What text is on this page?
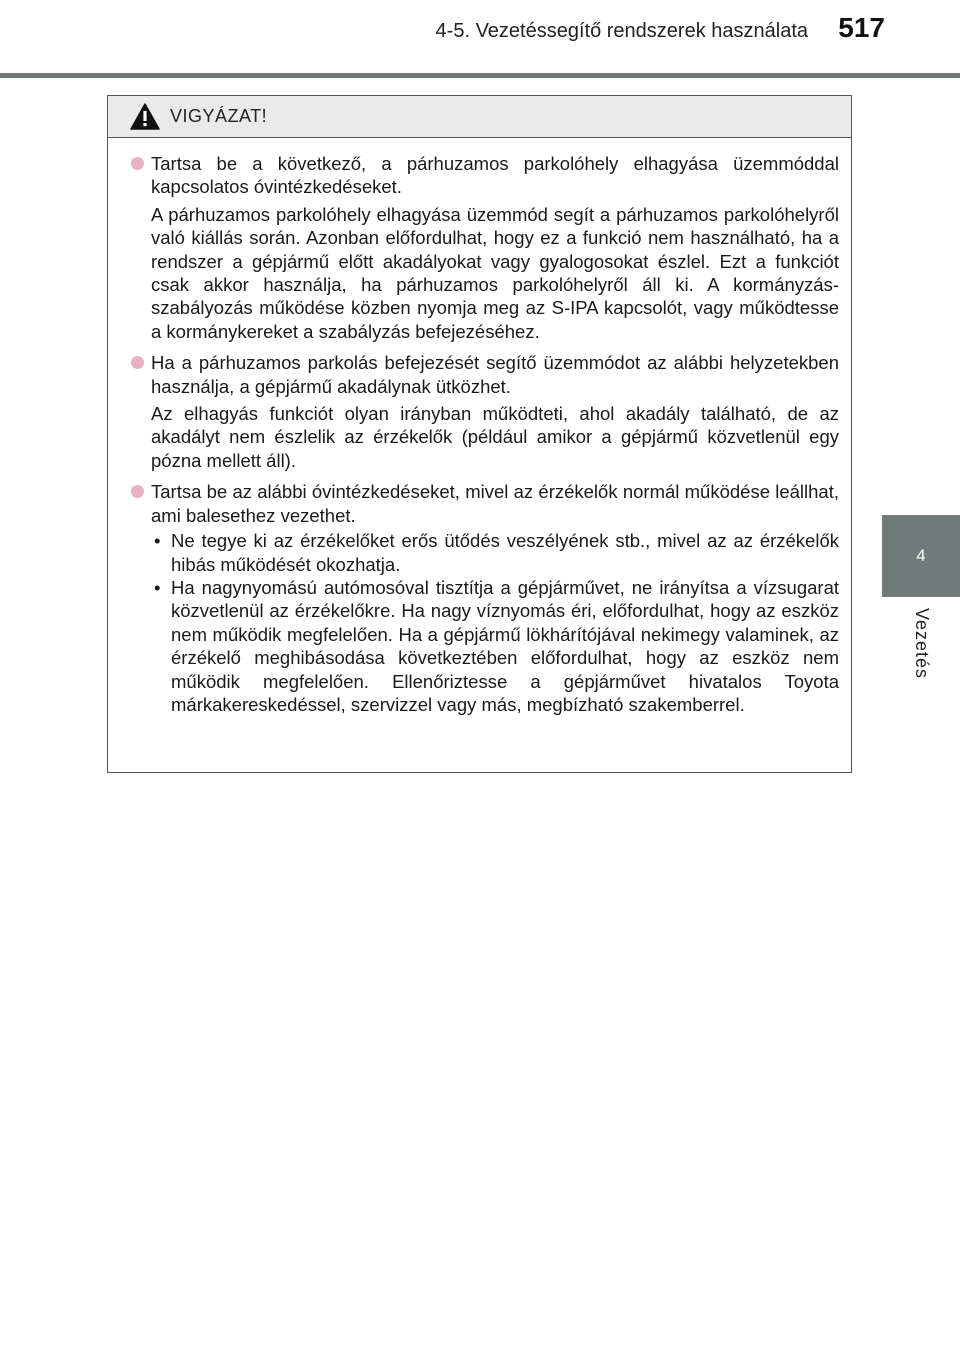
4-5. Vezetéssegítő rendszerek használata 517
4
Vezetés
VIGYÁZAT!
Tartsa be a következő, a párhuzamos parkolóhely elhagyása üzemmóddal kapcsolatos óvintézkedéseket.
A párhuzamos parkolóhely elhagyása üzemmód segít a párhuzamos parkolóhelyről való kiállás során. Azonban előfordulhat, hogy ez a funkció nem használható, ha a rendszer a gépjármű előtt akadályokat vagy gyalogosokat észlel. Ezt a funkciót csak akkor használja, ha párhuzamos parkolóhelyről áll ki. A kormányzás-szabályozás működése közben nyomja meg az S-IPA kapcsolót, vagy működtesse a kormánykereket a szabályzás befejezéséhez.
Ha a párhuzamos parkolás befejezését segítő üzemmódot az alábbi helyzetekben használja, a gépjármű akadálynak ütközhet.
Az elhagyás funkciót olyan irányban működteti, ahol akadály található, de az akadályt nem észlelik az érzékelők (például amikor a gépjármű közvetlenül egy pózna mellett áll).
Tartsa be az alábbi óvintézkedéseket, mivel az érzékelők normál működése leállhat, ami balesethez vezethet.
• Ne tegye ki az érzékelőket erős ütődés veszélyének stb., mivel az az érzékelők hibás működését okozhatja.
• Ha nagynyomású autómosóval tisztítja a gépjárművet, ne irányítsa a vízsugarat közvetlenül az érzékelőkre. Ha nagy víznyomás éri, előfordulhat, hogy az eszköz nem működik megfelelően. Ha a gépjármű lökhárítójával nekimegy valaminek, az érzékelő meghibásodása következtében előfordulhat, hogy az eszköz nem működik megfelelően. Ellenőriztesse a gépjárművet hivatalos Toyota márkakereskedéssel, szervizzel vagy más, megbízható szakemberrel.
